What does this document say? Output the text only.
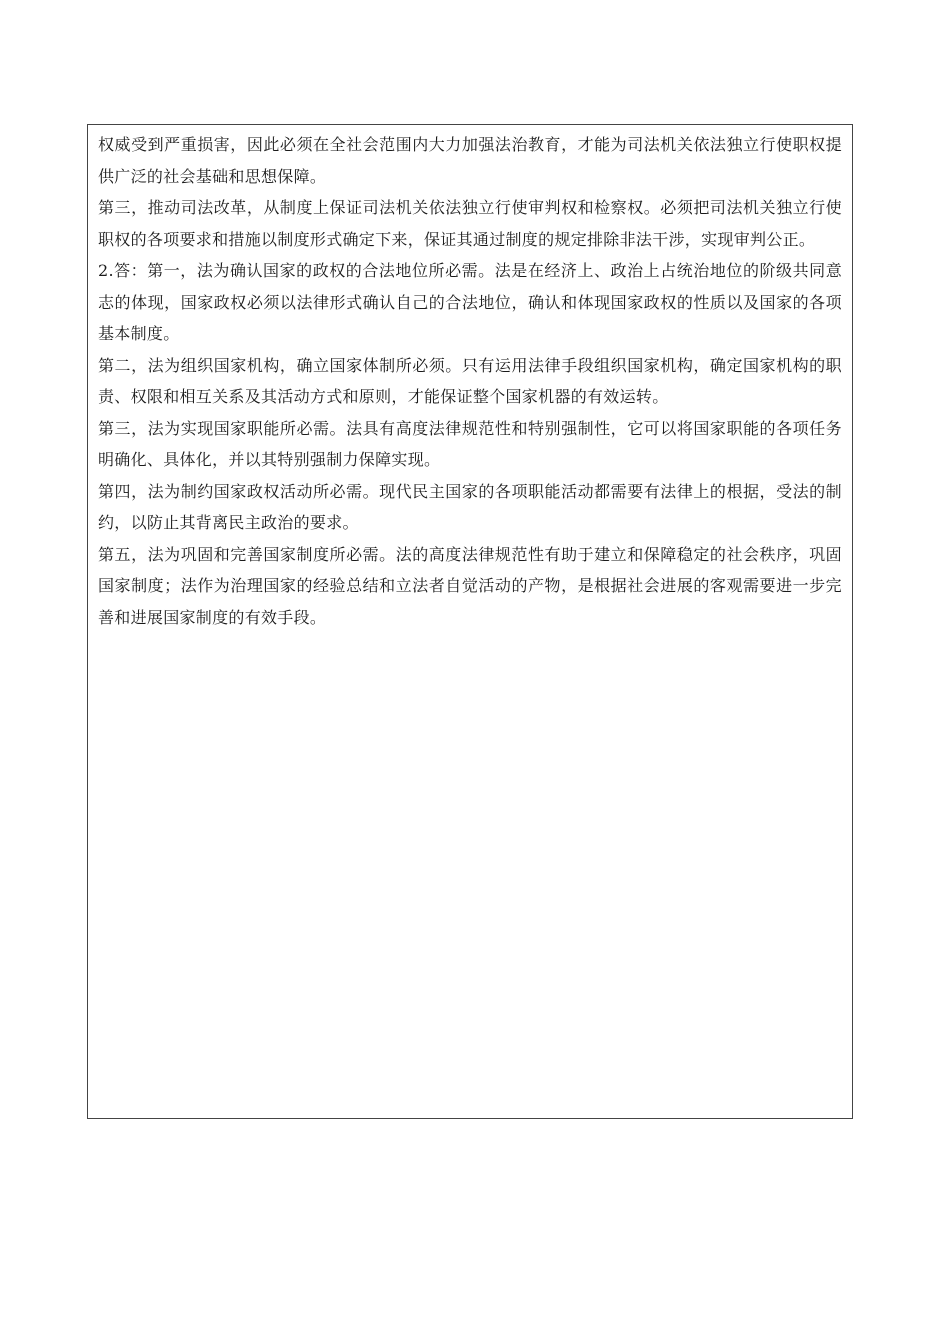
权威受到严重损害，因此必须在全社会范围内大力加强法治教育，才能为司法机关依法独立行使职权提供广泛的社会基础和思想保障。

第三，推动司法改革，从制度上保证司法机关依法独立行使审判权和检察权。必须把司法机关独立行使职权的各项要求和措施以制度形式确定下来，保证其通过制度的规定排除非法干涉，实现审判公正。

2.答：第一，法为确认国家的政权的合法地位所必需。法是在经济上、政治上占统治地位的阶级共同意志的体现，国家政权必须以法律形式确认自己的合法地位，确认和体现国家政权的性质以及国家的各项基本制度。

第二，法为组织国家机构，确立国家体制所必须。只有运用法律手段组织国家机构，确定国家机构的职责、权限和相互关系及其活动方式和原则，才能保证整个国家机器的有效运转。

第三，法为实现国家职能所必需。法具有高度法律规范性和特别强制性，它可以将国家职能的各项任务明确化、具体化，并以其特别强制力保障实现。

第四，法为制约国家政权活动所必需。现代民主国家的各项职能活动都需要有法律上的根据，受法的制约，以防止其背离民主政治的要求。

第五，法为巩固和完善国家制度所必需。法的高度法律规范性有助于建立和保障稳定的社会秩序，巩固国家制度；法作为治理国家的经验总结和立法者自觉活动的产物，是根据社会进展的客观需要进一步完善和进展国家制度的有效手段。
